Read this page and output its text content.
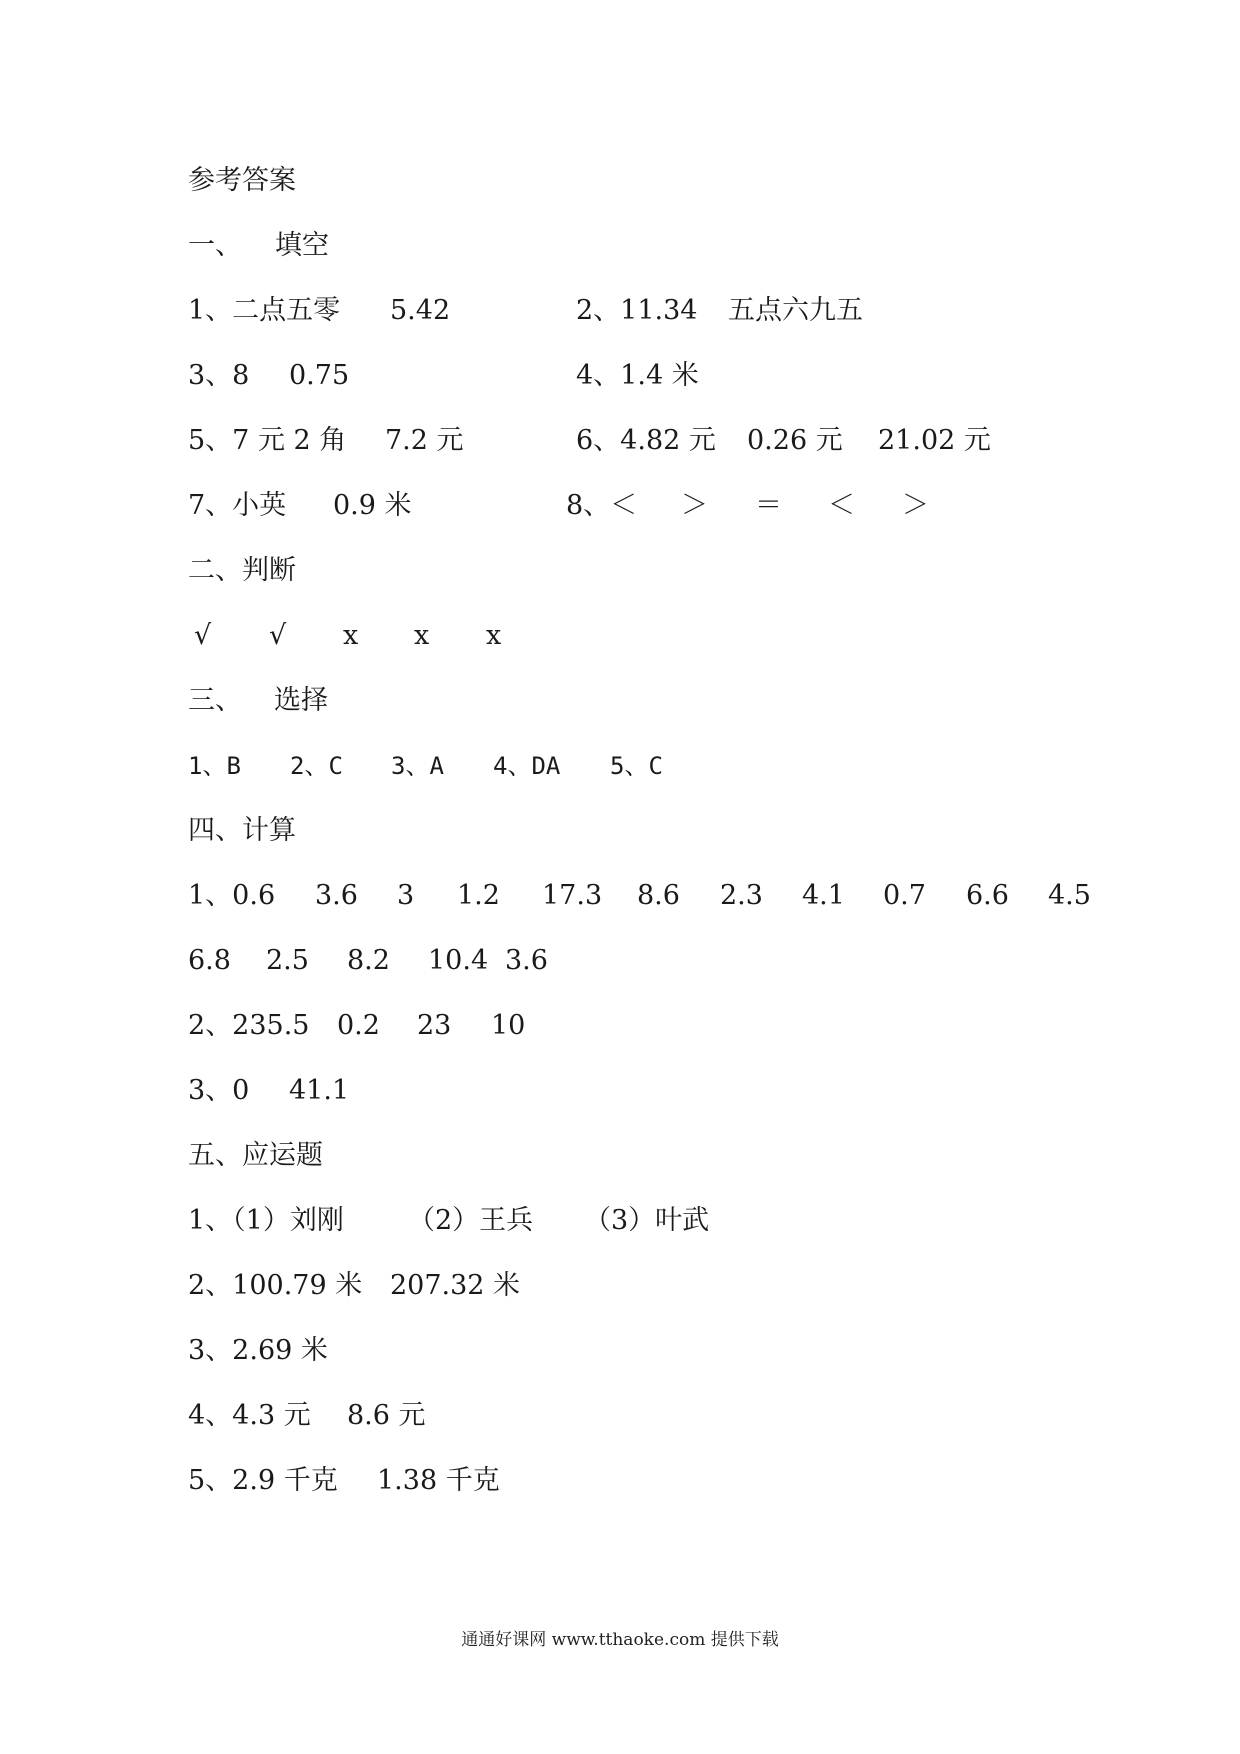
参考答案
一、 填空
1、二点五零 5.42	2、11.34 五点六九五
3、8 0.75	4、1.4 米
5、7 元 2 角 7.2 元	6、4.82 元 0.26 元 21.02 元
7、小英 0.9 米	8、＜ ＞ ＝ ＜ ＞
二、判断
√ √ x x x
三、 选择
1、B 2、C 3、A 4、DA 5、C
四、计算
1、0.6 3.6 3 1.2 17.3 8.6 2.3 4.1 0.7 6.6 4.5
6.8 2.5 8.2 10.4 3.6
2、235.5 0.2 23 10
3、0 41.1
五、应运题
1、（1）刘刚 （2）王兵 （3）叶武
2、100.79 米 207.32 米
3、2.69 米
4、4.3 元 8.6 元
5、2.9 千克 1.38 千克
通通好课网 www.tthaoke.com 提供下载
